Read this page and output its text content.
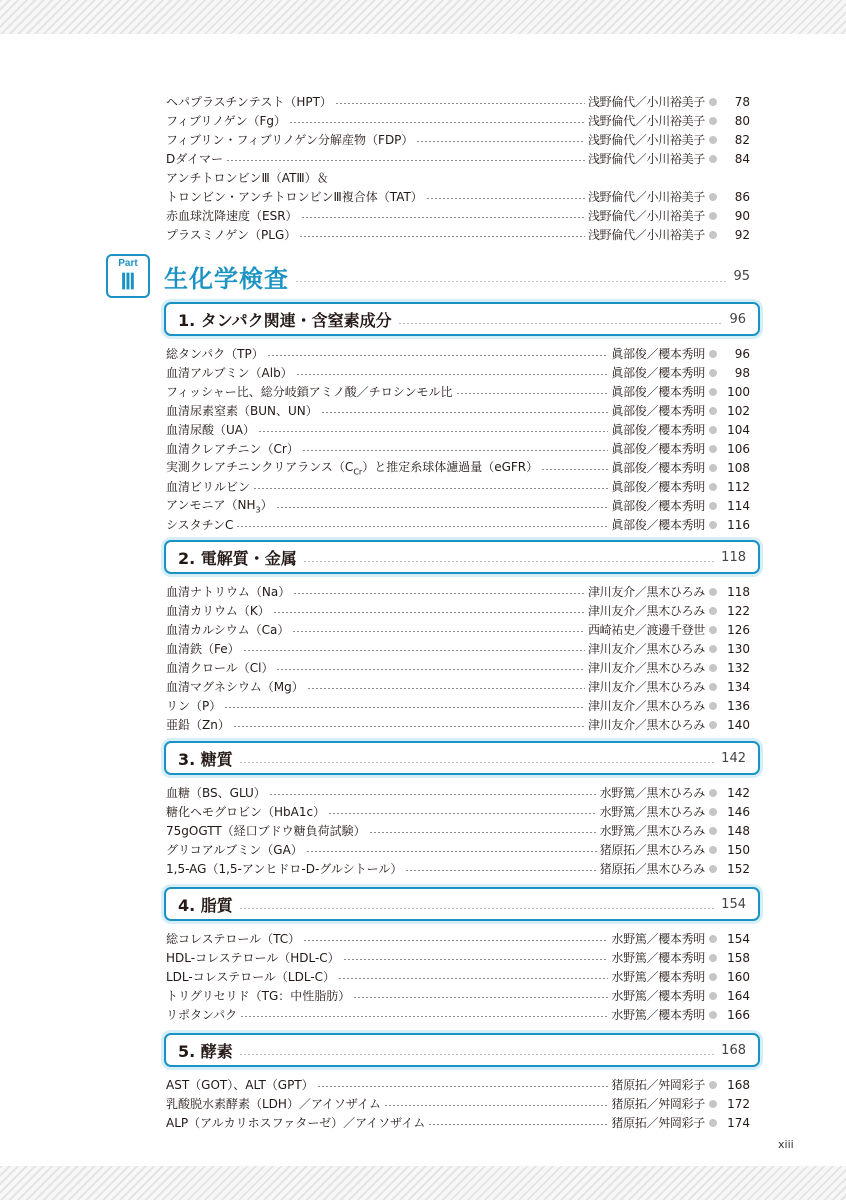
ヘパプラスチンテスト（HPT）	浅野倫代／小川裕美子	78
フィブリノゲン（Fg）	浅野倫代／小川裕美子	80
フィブリン・フィブリノゲン分解産物（FDP）	浅野倫代／小川裕美子	82
Dダイマー	浅野倫代／小川裕美子	84
アンチトロンビンⅢ（ATⅢ）＆
トロンビン・アンチトロンビンⅢ複合体（TAT）	浅野倫代／小川裕美子	86
赤血球沈降速度（ESR）	浅野倫代／小川裕美子	90
プラスミノゲン（PLG）	浅野倫代／小川裕美子	92
Part
Ⅲ	生化学検査	95
1. タンパク関連・含窒素成分	96
総タンパク（TP）	眞部俊／櫻本秀明	96
血清アルブミン（Alb）	眞部俊／櫻本秀明	98
フィッシャー比、総分岐鎖アミノ酸／チロシンモル比	眞部俊／櫻本秀明	100
血清尿素窒素（BUN、UN）	眞部俊／櫻本秀明	102
血清尿酸（UA）	眞部俊／櫻本秀明	104
血清クレアチニン（Cr）	眞部俊／櫻本秀明	106
実測クレアチニンクリアランス$(C_{Cr})$と推定糸球体濾過量（eGFR）	眞部俊／櫻本秀明	108
血清ビリルビン	眞部俊／櫻本秀明	112
アンモニア$(NH_3)$	眞部俊／櫻本秀明	114
シスタチンC	眞部俊／櫻本秀明	116
2. 電解質・金属	118
血清ナトリウム（Na）	津川友介／黒木ひろみ	118
血清カリウム（K）	津川友介／黒木ひろみ	122
血清カルシウム（Ca）	西崎祐史／渡邊千登世	126
血清鉄（Fe）	津川友介／黒木ひろみ	130
血清クロール（Cl）	津川友介／黒木ひろみ	132
血清マグネシウム（Mg）	津川友介／黒木ひろみ	134
リン（P）	津川友介／黒木ひろみ	136
亜鉛（Zn）	津川友介／黒木ひろみ	140
3. 糖質	142
血糖（BS、GLU）	水野篤／黒木ひろみ	142
糖化ヘモグロビン（HbA1c）	水野篤／黒木ひろみ	146
75gOGTT（経口ブドウ糖負荷試験）	水野篤／黒木ひろみ	148
グリコアルブミン（GA）	猪原拓／黒木ひろみ	150
1,5-AG（1,5-アンヒドロ-D-グルシトール）	猪原拓／黒木ひろみ	152
4. 脂質	154
総コレステロール（TC）	水野篤／櫻本秀明	154
HDL-コレステロール（HDL-C）	水野篤／櫻本秀明	158
LDL-コレステロール（LDL-C）	水野篤／櫻本秀明	160
トリグリセリド（TG：中性脂肪）	水野篤／櫻本秀明	164
リポタンパク	水野篤／櫻本秀明	166
5. 酵素	168
AST（GOT）、ALT（GPT）	猪原拓／舛岡彩子	168
乳酸脱水素酵素（LDH）／アイソザイム	猪原拓／舛岡彩子	172
ALP（アルカリホスファターゼ）／アイソザイム	猪原拓／舛岡彩子	174
xiii
